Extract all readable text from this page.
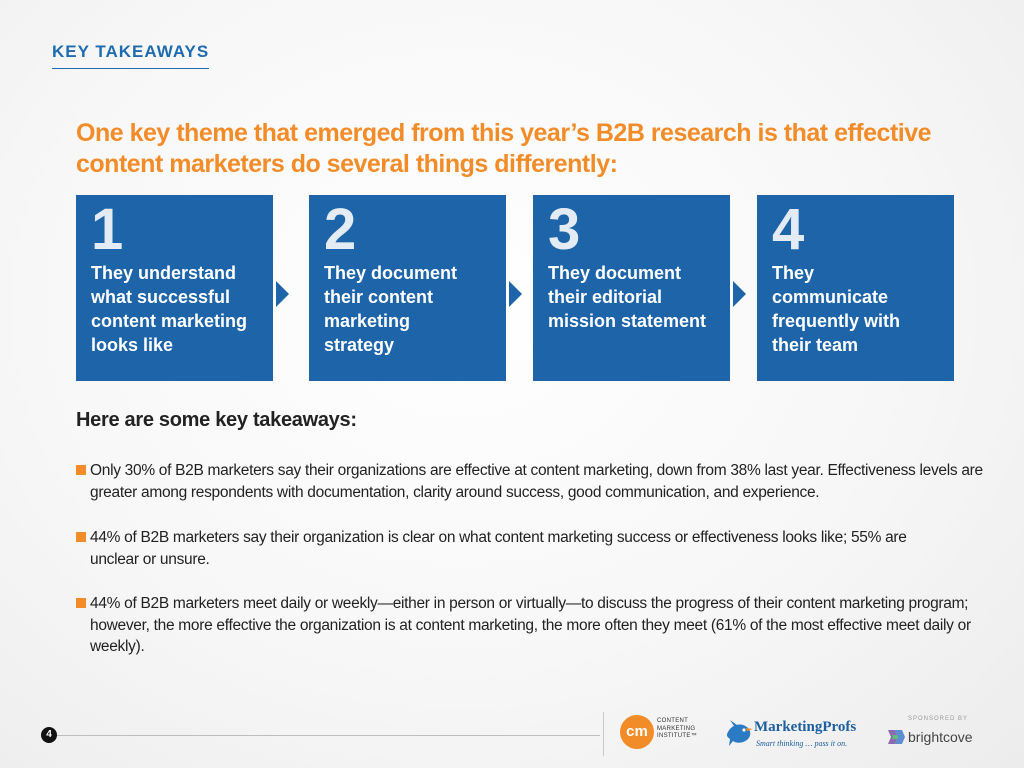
KEY TAKEAWAYS
One key theme that emerged from this year’s B2B research is that effective content marketers do several things differently:
1
They understand what successful content marketing looks like
2
They document their content marketing strategy
3
They document their editorial mission statement
4
They communicate frequently with their team
Here are some key takeaways:
Only 30% of B2B marketers say their organizations are effective at content marketing, down from 38% last year. Effectiveness levels are greater among respondents with documentation, clarity around success, good communication, and experience.
44% of B2B marketers say their organization is clear on what content marketing success or effectiveness looks like; 55% are unclear or unsure.
44% of B2B marketers meet daily or weekly—either in person or virtually—to discuss the progress of their content marketing program; however, the more effective the organization is at content marketing, the more often they meet (61% of the most effective meet daily or weekly).
4	cm
CONTENT
MARKETING
INSTITUTE™
MarketingProfs
Smart thinking … pass it on.
SPONSORED BY
brightcove
